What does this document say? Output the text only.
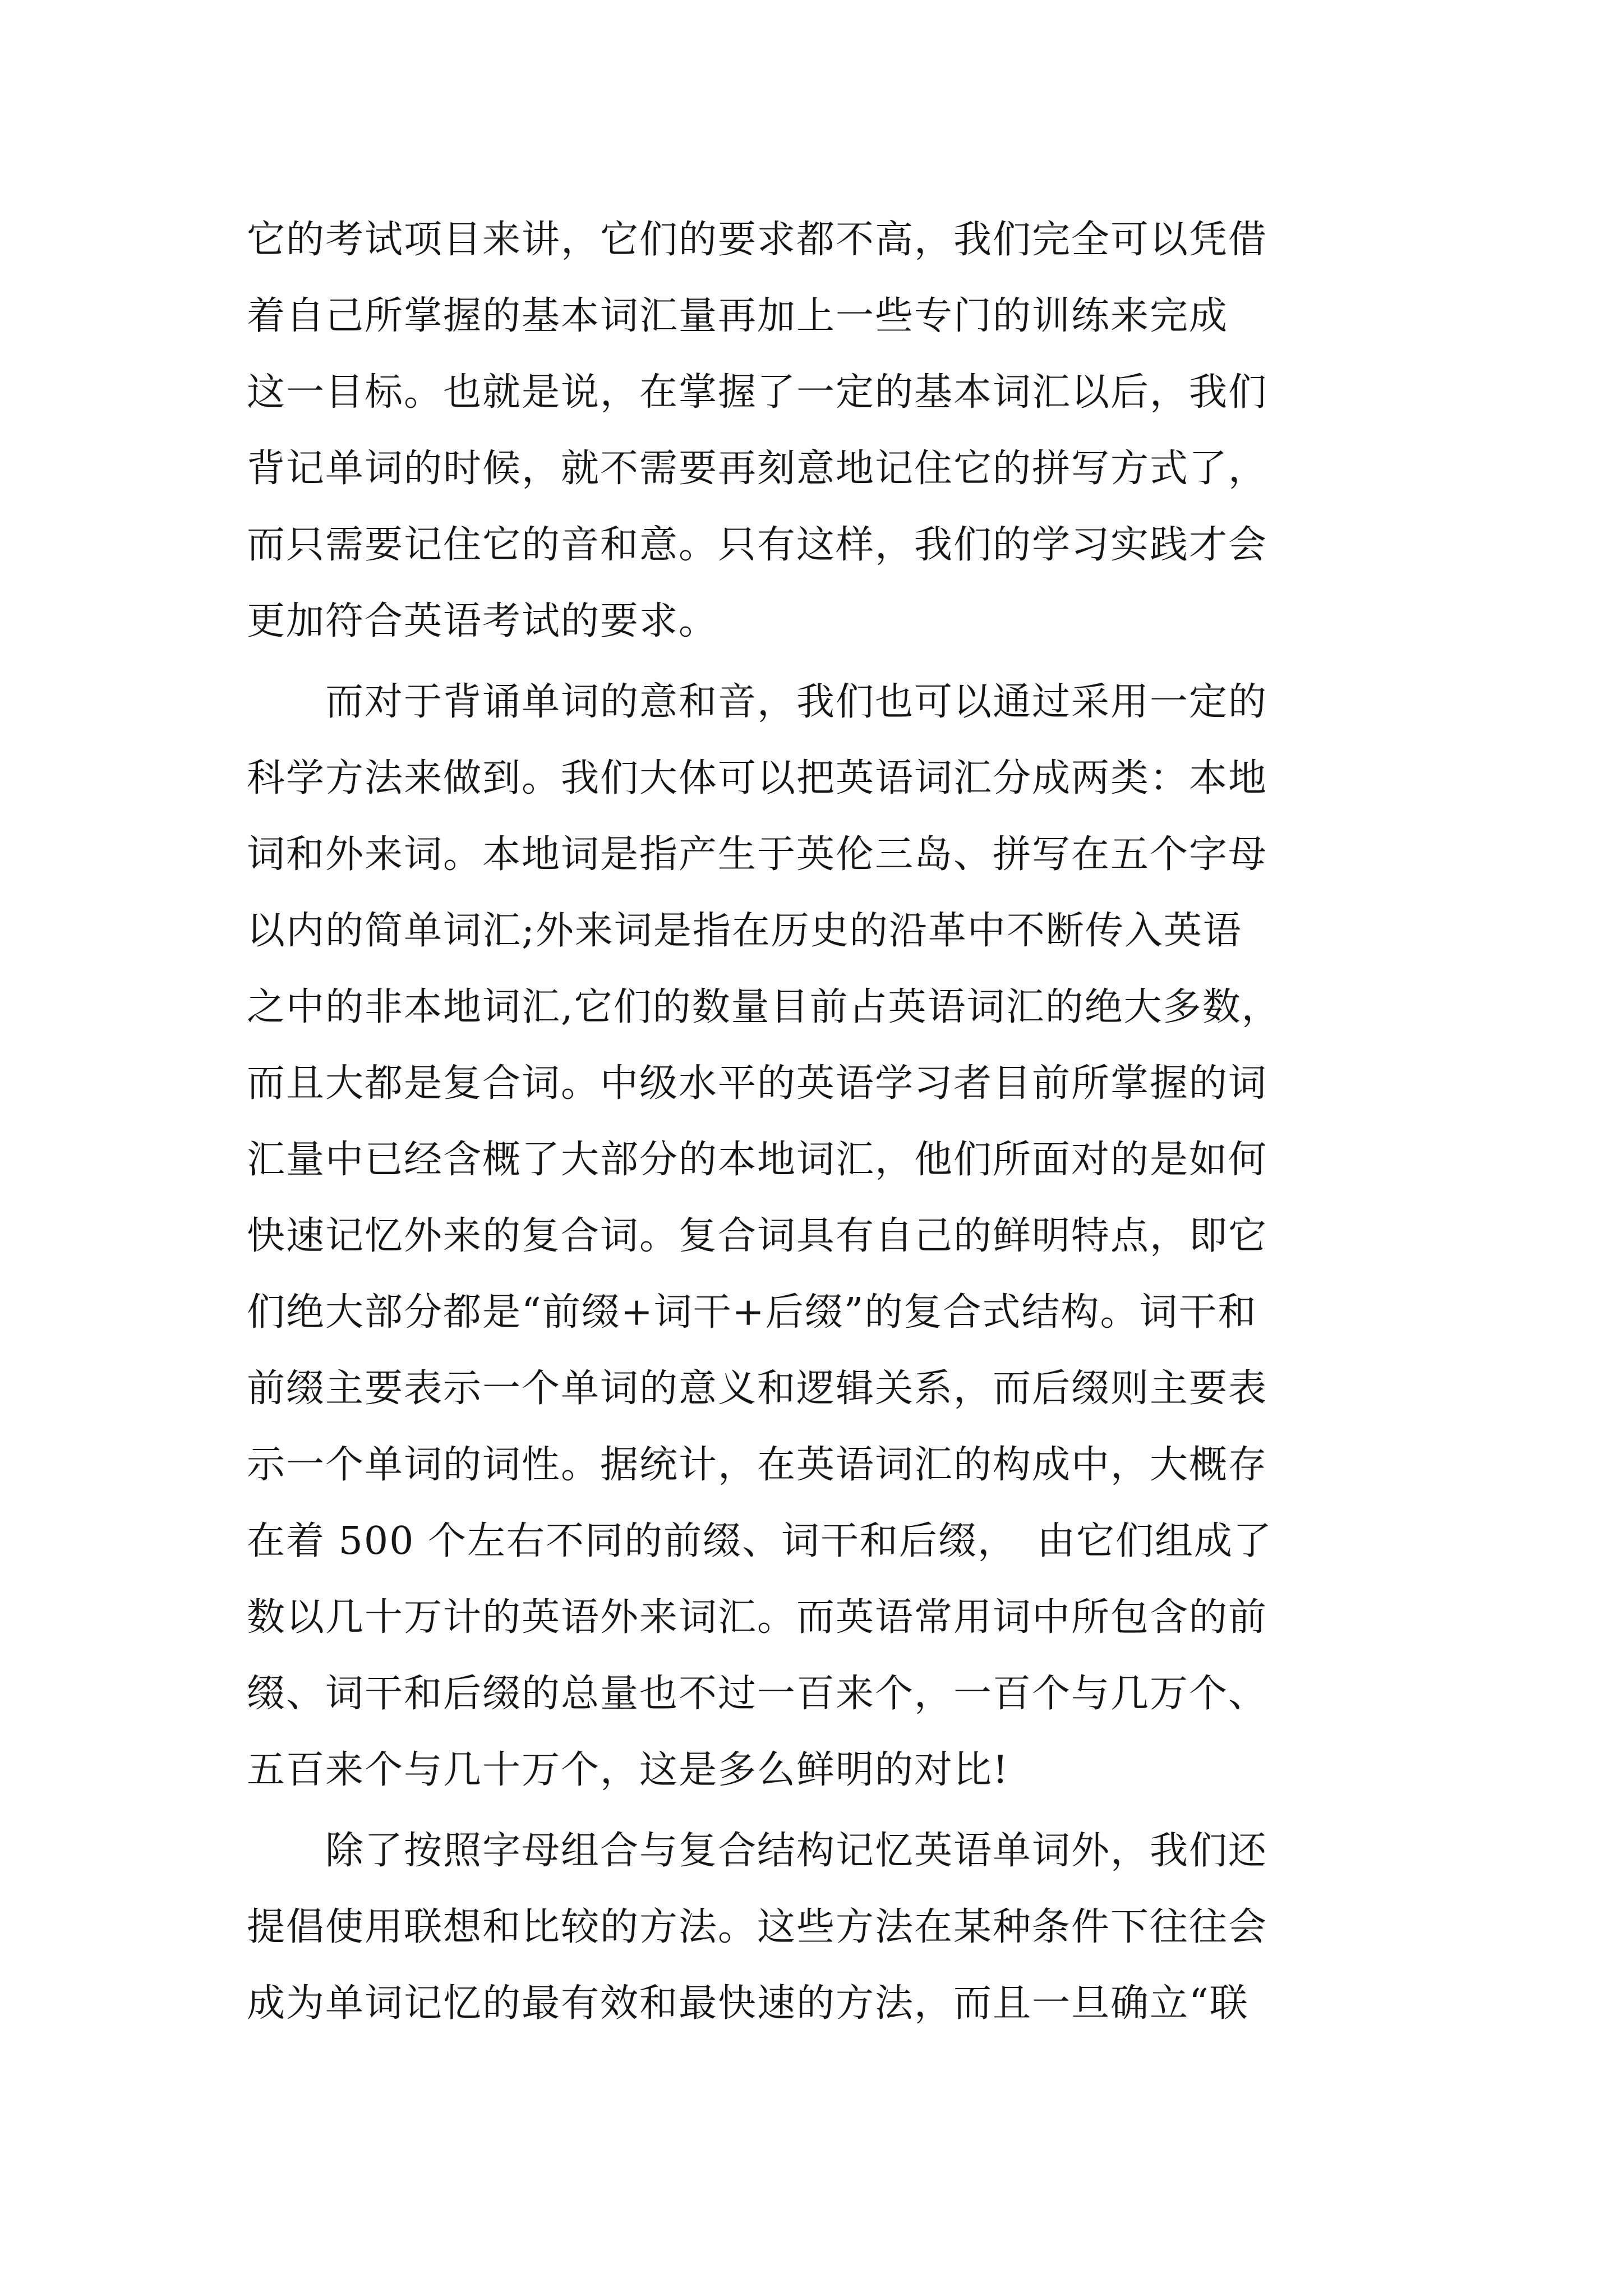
它的考试项目来讲，它们的要求都不高，我们完全可以凭借
着自己所掌握的基本词汇量再加上一些专门的训练来完成
这一目标。也就是说，在掌握了一定的基本词汇以后，我们
背记单词的时候，就不需要再刻意地记住它的拼写方式了，
而只需要记住它的音和意。只有这样，我们的学习实践才会
更加符合英语考试的要求。
　　而对于背诵单词的意和音，我们也可以通过采用一定的
科学方法来做到。我们大体可以把英语词汇分成两类：本地
词和外来词。本地词是指产生于英伦三岛、拼写在五个字母
以内的简单词汇;外来词是指在历史的沿革中不断传入英语
之中的非本地词汇,它们的数量目前占英语词汇的绝大多数，
而且大都是复合词。中级水平的英语学习者目前所掌握的词
汇量中已经含概了大部分的本地词汇，他们所面对的是如何
快速记忆外来的复合词。复合词具有自己的鲜明特点，即它
们绝大部分都是“前缀+词干+后缀”的复合式结构。词干和
前缀主要表示一个单词的意义和逻辑关系，而后缀则主要表
示一个单词的词性。据统计，在英语词汇的构成中，大概存
在着 500 个左右不同的前缀、词干和后缀，　由它们组成了
数以几十万计的英语外来词汇。而英语常用词中所包含的前
缀、词干和后缀的总量也不过一百来个，一百个与几万个、
五百来个与几十万个，这是多么鲜明的对比!
　　除了按照字母组合与复合结构记忆英语单词外，我们还
提倡使用联想和比较的方法。这些方法在某种条件下往往会
成为单词记忆的最有效和最快速的方法，而且一旦确立“联
